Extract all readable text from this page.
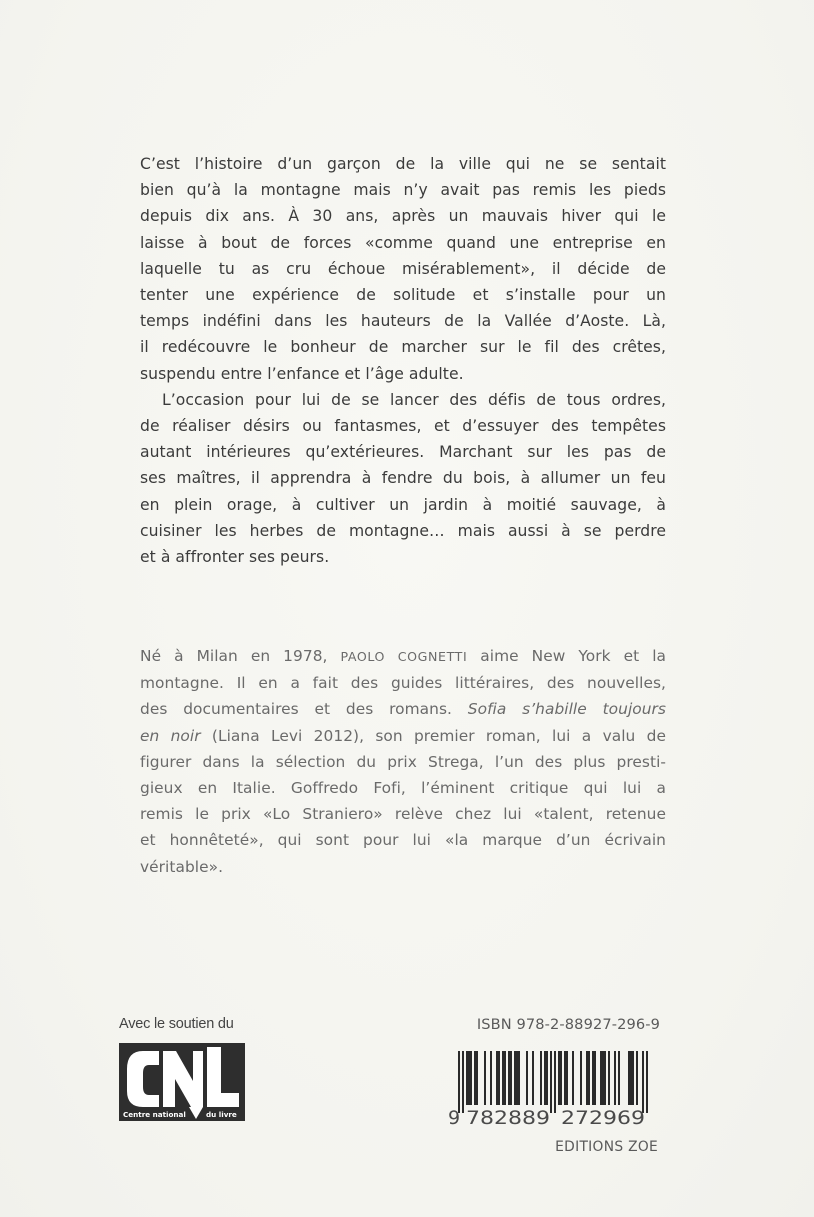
C’est l’histoire d’un garçon de la ville qui ne se sentait
bien qu’à la montagne mais n’y avait pas remis les pieds
depuis dix ans. À 30 ans, après un mauvais hiver qui le
laisse à bout de forces «comme quand une entreprise en
laquelle tu as cru échoue misérablement», il décide de
tenter une expérience de solitude et s’installe pour un
temps indéfini dans les hauteurs de la Vallée d’Aoste. Là,
il redécouvre le bonheur de marcher sur le fil des crêtes,
suspendu entre l’enfance et l’âge adulte.

L’occasion pour lui de se lancer des défis de tous ordres,
de réaliser désirs ou fantasmes, et d’essuyer des tempêtes
autant intérieures qu’extérieures. Marchant sur les pas de
ses maîtres, il apprendra à fendre du bois, à allumer un feu
en plein orage, à cultiver un jardin à moitié sauvage, à
cuisiner les herbes de montagne… mais aussi à se perdre
et à affronter ses peurs.

Né à Milan en 1978, PAOLO COGNETTI aime New York et la
montagne. Il en a fait des guides littéraires, des nouvelles,
des documentaires et des romans. Sofia s’habille toujours
en noir (Liana Levi 2012), son premier roman, lui a valu de
figurer dans la sélection du prix Strega, l’un des plus presti-
gieux en Italie. Goffredo Fofi, l’éminent critique qui lui a
remis le prix «Lo Straniero» relève chez lui «talent, retenue
et honnêteté», qui sont pour lui «la marque d’un écrivain
véritable».

Avec le soutien du
Centre national	du livre
ISBN 978-2-88927-296-9
9 782889 272969
EDITIONS ZOE
